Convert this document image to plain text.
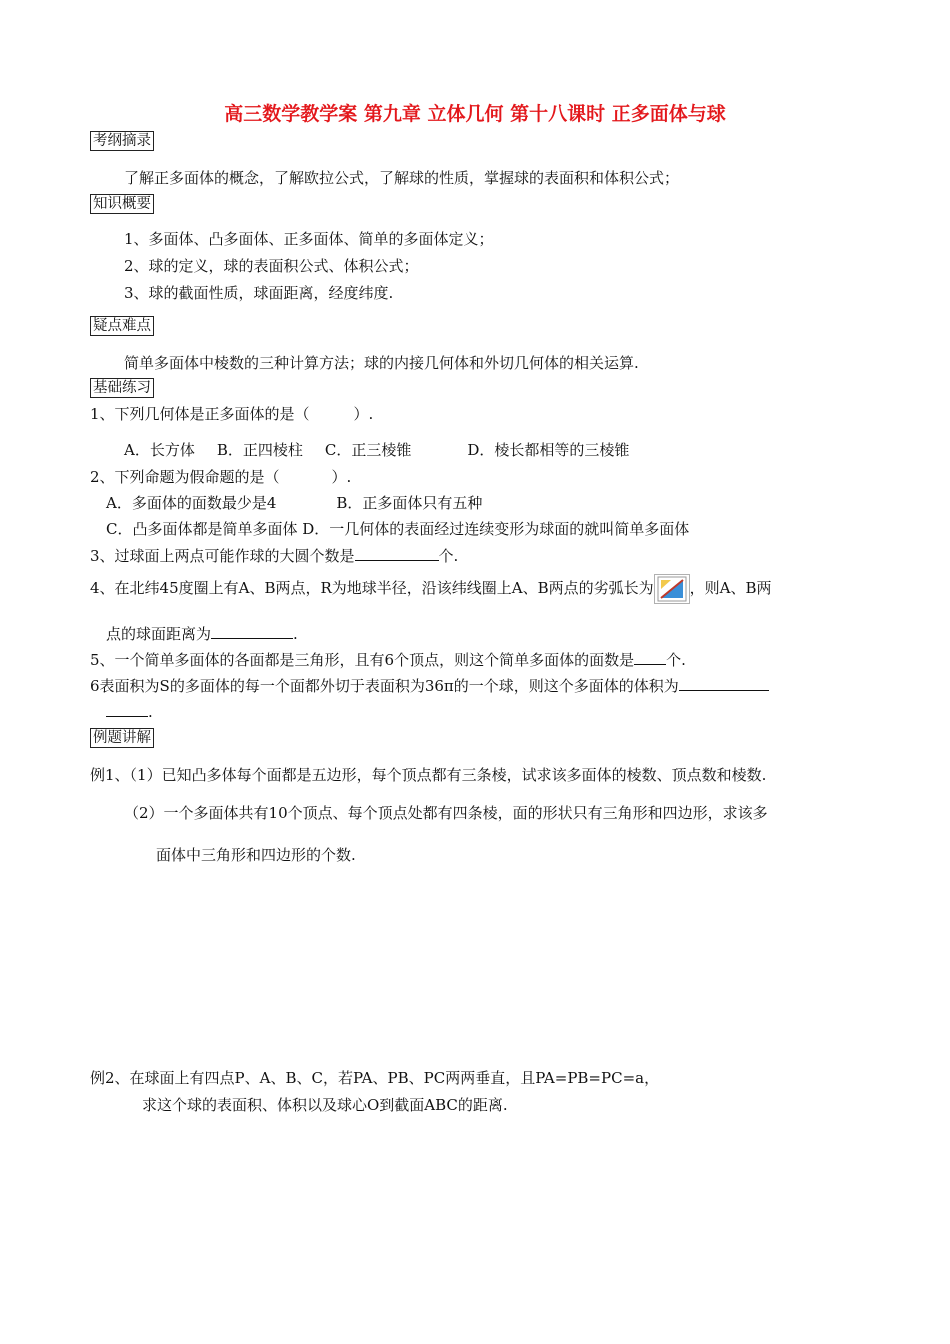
高三数学教学案 第九章 立体几何 第十八课时 正多面体与球
考纲摘录
了解正多面体的概念，了解欧拉公式，了解球的性质，掌握球的表面积和体积公式；
知识概要
1、多面体、凸多面体、正多面体、简单的多面体定义；
2、球的定义，球的表面积公式、体积公式；
3、球的截面性质，球面距离，经度纬度.
疑点难点
简单多面体中棱数的三种计算方法；球的内接几何体和外切几何体的相关运算.
基础练习
1、下列几何体是正多面体的是（	）.
A．长方体 B．正四棱柱 C．正三棱锥	D．棱长都相等的三棱锥
2、下列命题为假命题的是（	）.
A．多面体的面数最少是4	B．正多面体只有五种
C．凸多面体都是简单多面体 D．一几何体的表面经过连续变形为球面的就叫简单多面体
3、过球面上两点可能作球的大圆个数是	个.
4、在北纬45度圈上有A、B两点，R为地球半径，沿该纬线圈上A、B两点的劣弧长为 ，则A、B两
点的球面距离为	.
5、一个简单多面体的各面都是三角形，且有6个顶点，则这个简单多面体的面数是 个.
6表面积为S的多面体的每一个面都外切于表面积为36π的一个球，则这个多面体的体积为
.
例题讲解
例1、（1）已知凸多体每个面都是五边形，每个顶点都有三条棱，试求该多面体的棱数、顶点数和棱数.
（2）一个多面体共有10个顶点、每个顶点处都有四条棱，面的形状只有三角形和四边形，求该多
面体中三角形和四边形的个数.
例2、在球面上有四点P、A、B、C，若PA、PB、PC两两垂直，且PA=PB=PC=a，
求这个球的表面积、体积以及球心O到截面ABC的距离.
